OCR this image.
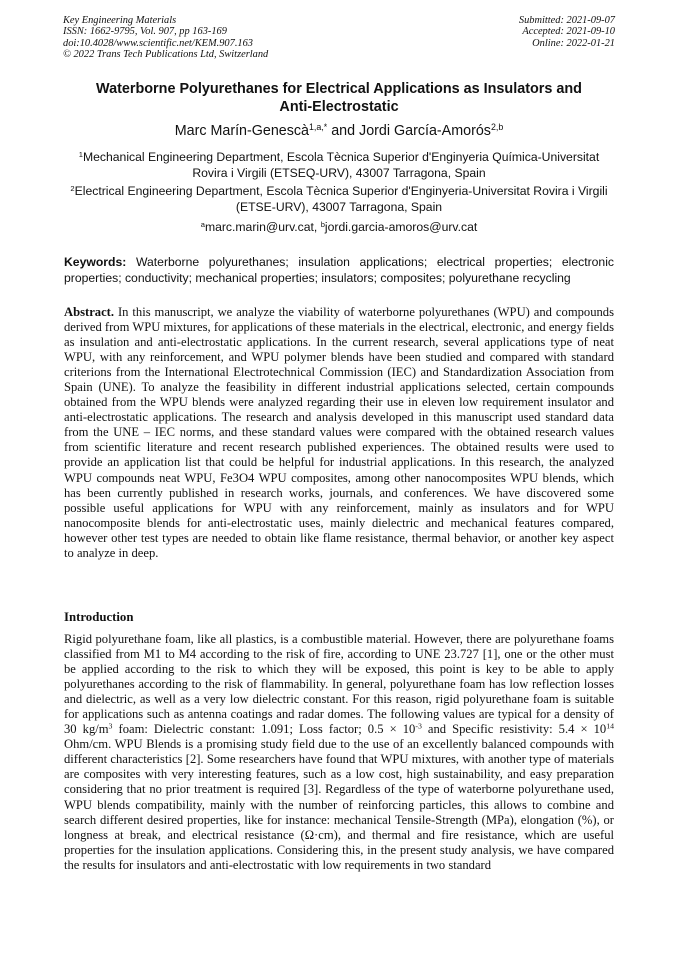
Key Engineering Materials
ISSN: 1662-9795, Vol. 907, pp 163-169
doi:10.4028/www.scientific.net/KEM.907.163
© 2022 Trans Tech Publications Ltd, Switzerland
Submitted: 2021-09-07
Accepted: 2021-09-10
Online: 2022-01-21
Waterborne Polyurethanes for Electrical Applications as Insulators and
Anti-Electrostatic
Marc Marín-Genescà$^{1,a,*}$ and Jordi García-Amorós$^{2,b}$
$^1$Mechanical Engineering Department, Escola Tècnica Superior d'Enginyeria Química-Universitat
Rovira i Virgili (ETSEQ-URV), 43007 Tarragona, Spain
$^2$Electrical Engineering Department, Escola Tècnica Superior d'Enginyeria-Universitat Rovira i Virgili
(ETSE-URV), 43007 Tarragona, Spain
$^a$marc.marin@urv.cat, $^b$jordi.garcia-amoros@urv.cat
Keywords: Waterborne polyurethanes; insulation applications; electrical properties; electronic properties; conductivity; mechanical properties; insulators; composites; polyurethane recycling
Abstract. In this manuscript, we analyze the viability of waterborne polyurethanes (WPU) and compounds derived from WPU mixtures, for applications of these materials in the electrical, electronic, and energy fields as insulation and anti-electrostatic applications. In the current research, several applications type of neat WPU, with any reinforcement, and WPU polymer blends have been studied and compared with standard criterions from the International Electrotechnical Commission (IEC) and Standardization Association from Spain (UNE). To analyze the feasibility in different industrial applications selected, certain compounds obtained from the WPU blends were analyzed regarding their use in eleven low requirement insulator and anti-electrostatic applications. The research and analysis developed in this manuscript used standard data from the UNE – IEC norms, and these standard values were compared with the obtained research values from scientific literature and recent research published experiences. The obtained results were used to provide an application list that could be helpful for industrial applications. In this research, the analyzed WPU compounds neat WPU, Fe3O4 WPU composites, among other nanocomposites WPU blends, which has been currently published in research works, journals, and conferences. We have discovered some possible useful applications for WPU with any reinforcement, mainly as insulators and for WPU nanocomposite blends for anti-electrostatic uses, mainly dielectric and mechanical features compared, however other test types are needed to obtain like flame resistance, thermal behavior, or another key aspect to analyze in deep.
Introduction
Rigid polyurethane foam, like all plastics, is a combustible material. However, there are polyurethane foams classified from M1 to M4 according to the risk of fire, according to UNE 23.727 [1], one or the other must be applied according to the risk to which they will be exposed, this point is key to be able to apply polyurethanes according to the risk of flammability. In general, polyurethane foam has low reflection losses and dielectric, as well as a very low dielectric constant. For this reason, rigid polyurethane foam is suitable for applications such as antenna coatings and radar domes. The following values are typical for a density of 30 $kg/m^3$ foam: Dielectric constant: 1.091; Loss factor; $0.5 \times 10^{-3}$ and Specific resistivity: $5.4 \times 10^{14}$ Ohm/cm. WPU Blends is a promising study field due to the use of an excellently balanced compounds with different characteristics [2]. Some researchers have found that WPU mixtures, with another type of materials are composites with very interesting features, such as a low cost, high sustainability, and easy preparation considering that no prior treatment is required [3]. Regardless of the type of waterborne polyurethane used, WPU blends compatibility, mainly with the number of reinforcing particles, this allows to combine and search different desired properties, like for instance: mechanical Tensile-Strength (MPa), elongation (%), or longness at break, and electrical resistance (Ω·cm), and thermal and fire resistance, which are useful properties for the insulation applications. Considering this, in the present study analysis, we have compared the results for insulators and anti-electrostatic with low requirements in two standard
